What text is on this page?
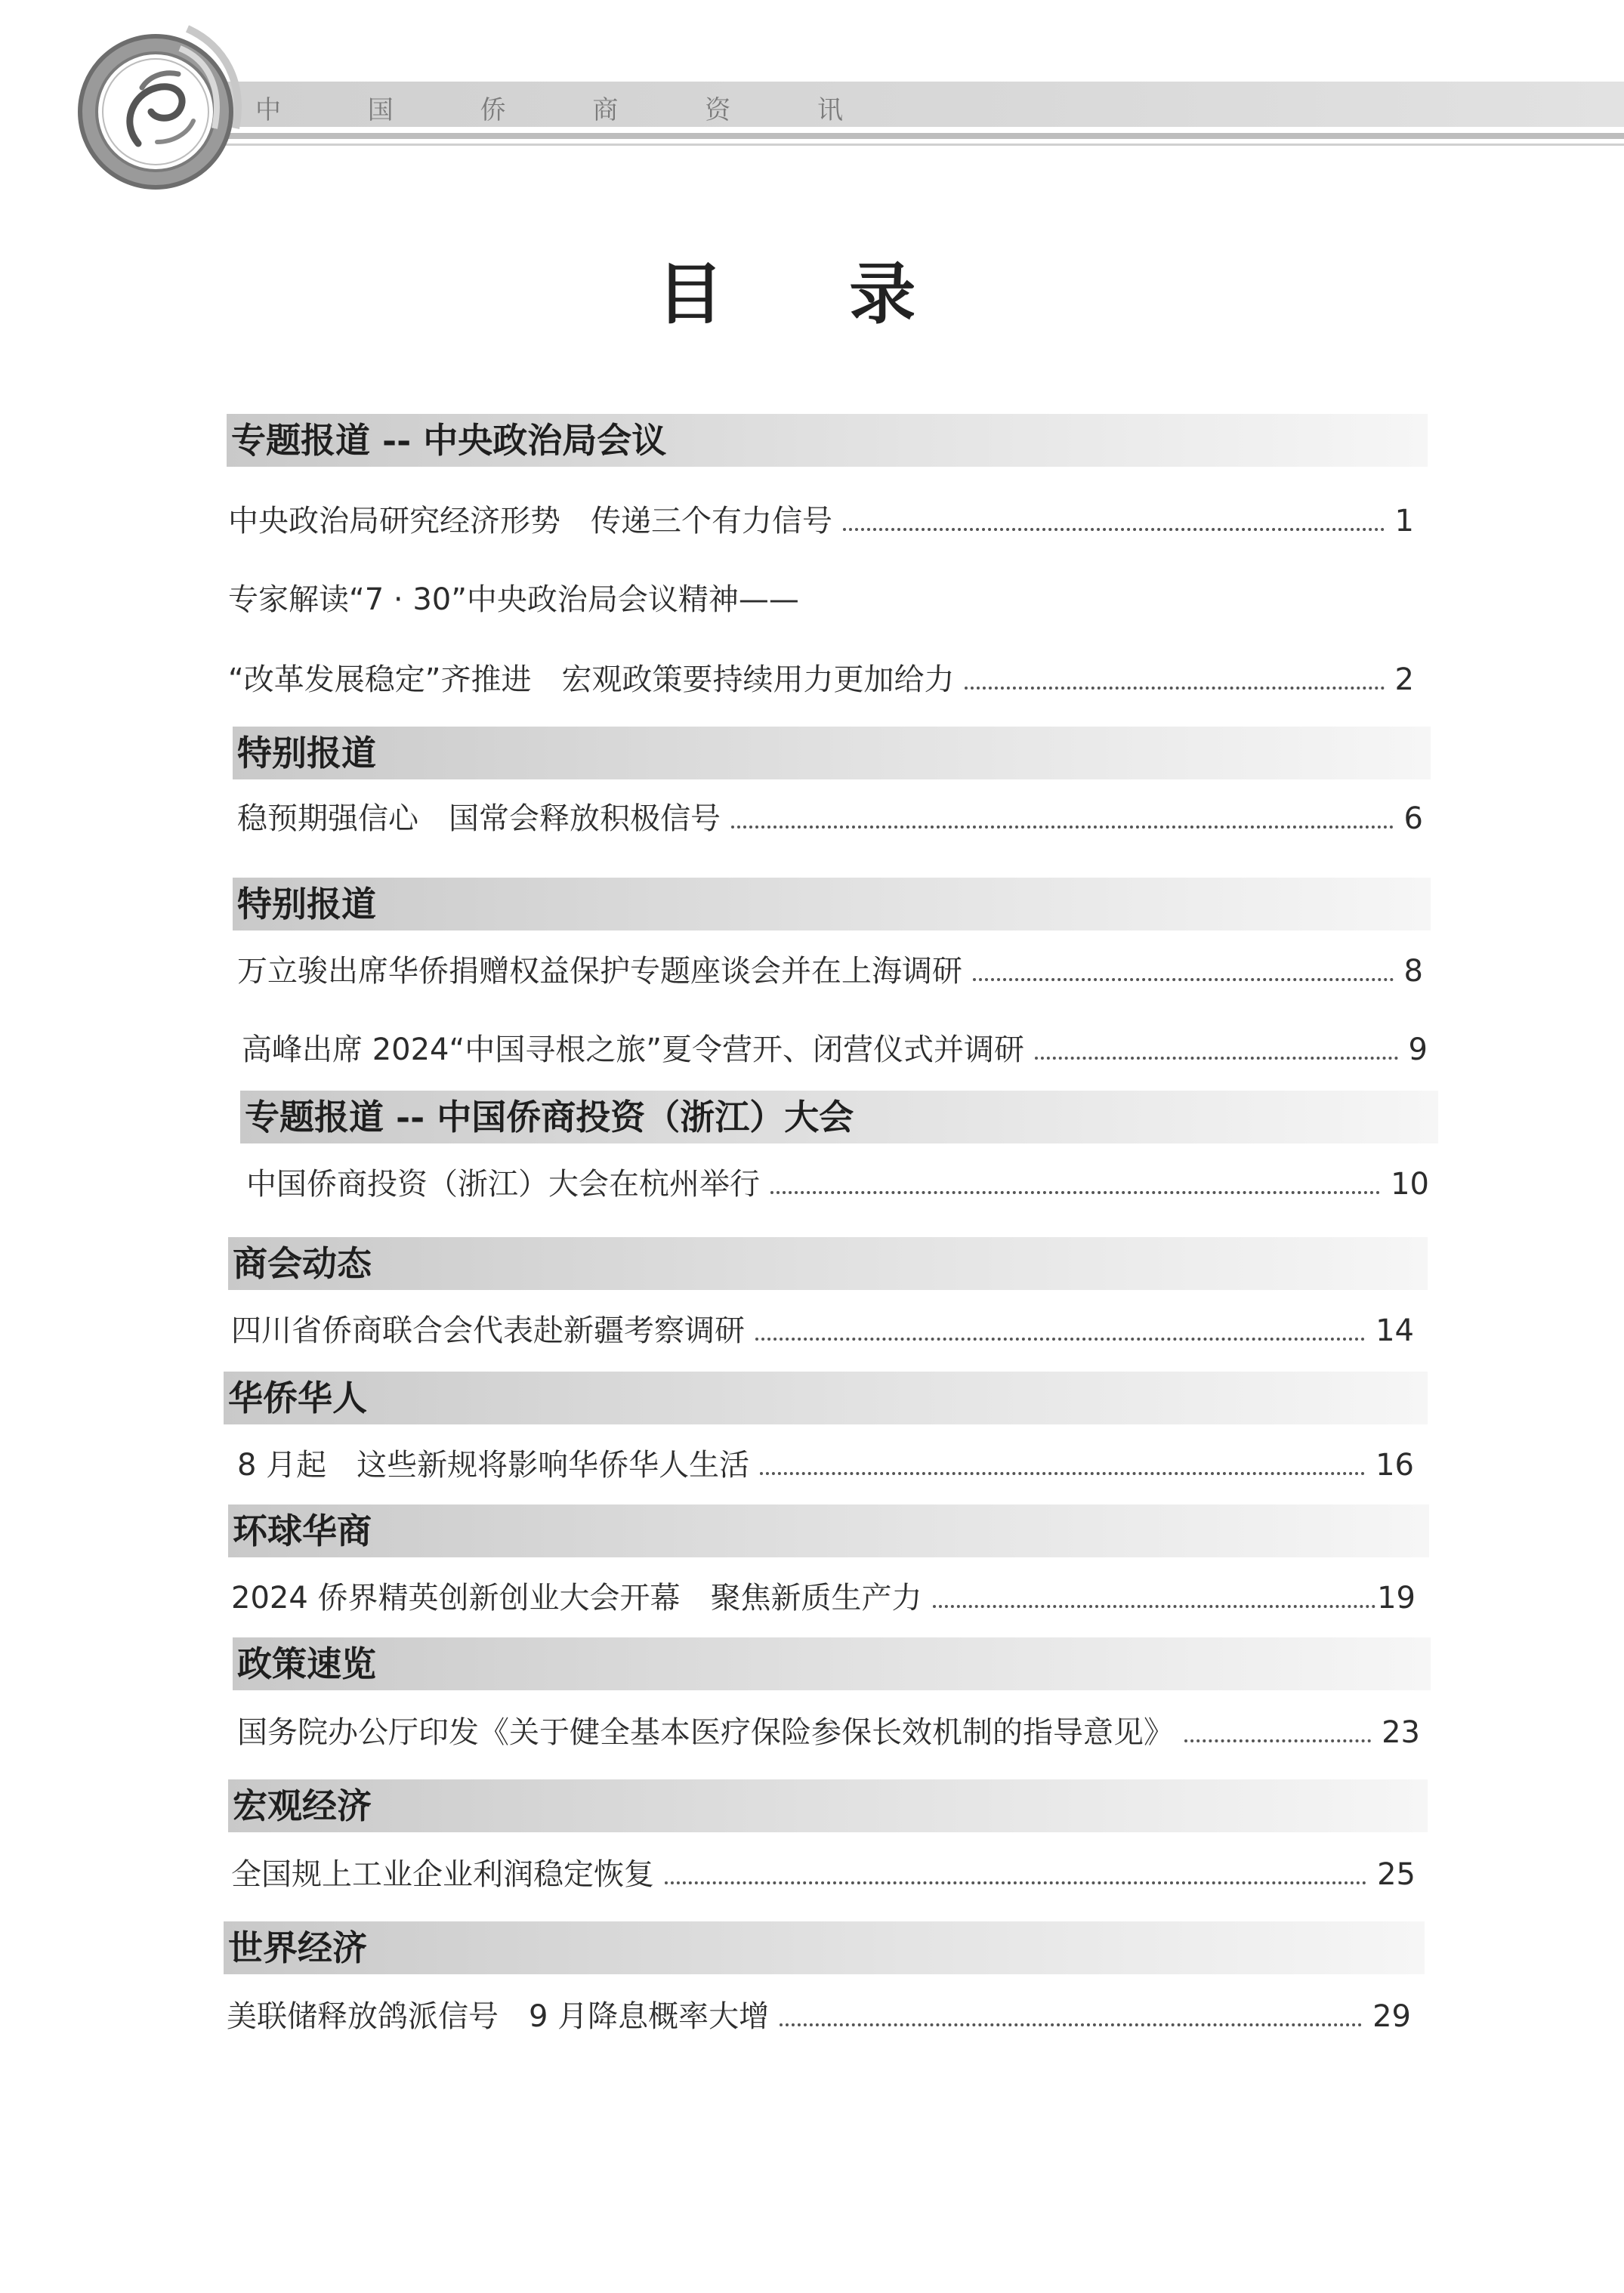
中 国 侨 商 资 讯
目 录
专题报道 -- 中央政治局会议
中央政治局研究经济形势　传递三个有力信号	1
专家解读“7 · 30”中央政治局会议精神——
“改革发展稳定”齐推进　宏观政策要持续用力更加给力	2
特别报道
稳预期强信心　国常会释放积极信号	6
特别报道
万立骏出席华侨捐赠权益保护专题座谈会并在上海调研	8
高峰出席 2024“中国寻根之旅”夏令营开、闭营仪式并调研	9
专题报道 -- 中国侨商投资（浙江）大会
中国侨商投资（浙江）大会在杭州举行	10
商会动态
四川省侨商联合会代表赴新疆考察调研	14
华侨华人
8 月起　这些新规将影响华侨华人生活	16
环球华商
2024 侨界精英创新创业大会开幕　聚焦新质生产力	19
政策速览
国务院办公厅印发《关于健全基本医疗保险参保长效机制的指导意见》	23
宏观经济
全国规上工业企业利润稳定恢复	25
世界经济
美联储释放鸽派信号　9 月降息概率大增	29
